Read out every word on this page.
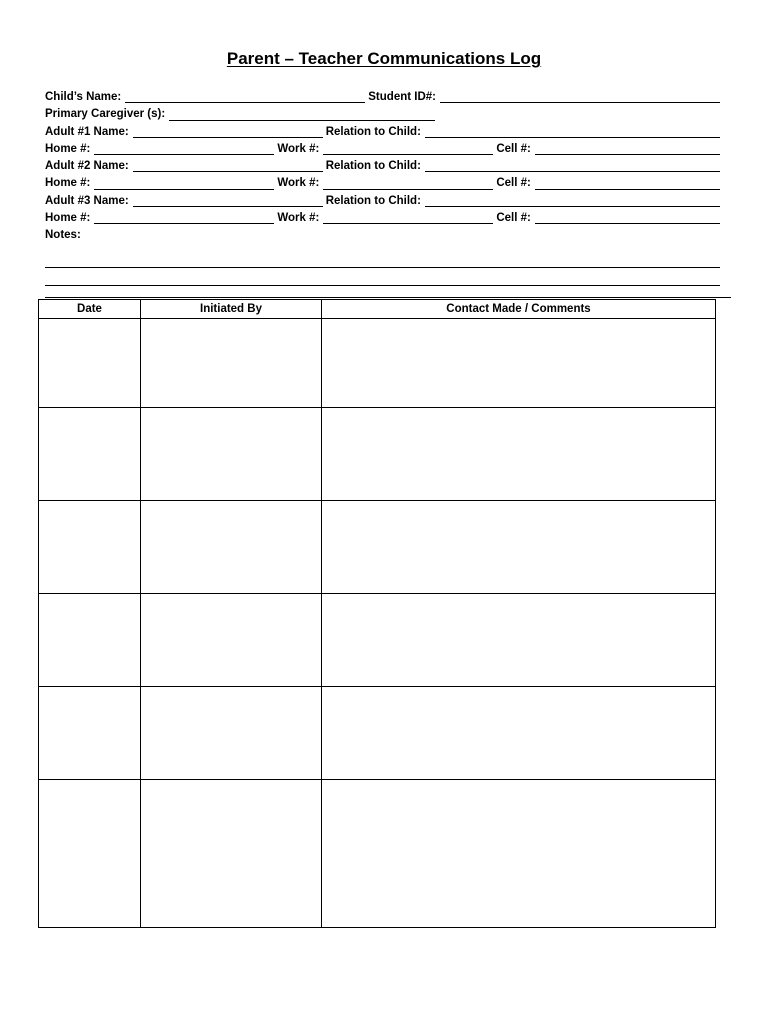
Parent – Teacher Communications Log
Child’s Name:	Student ID#:
Primary Caregiver (s):
Adult #1 Name:	Relation to Child:
Home #:	Work #:	Cell #:
Adult #2 Name:	Relation to Child:
Home #:	Work #:	Cell #:
Adult #3 Name:	Relation to Child:
Home #:	Work #:	Cell #:
Notes:
Date	Initiated By	Contact Made / Comments
